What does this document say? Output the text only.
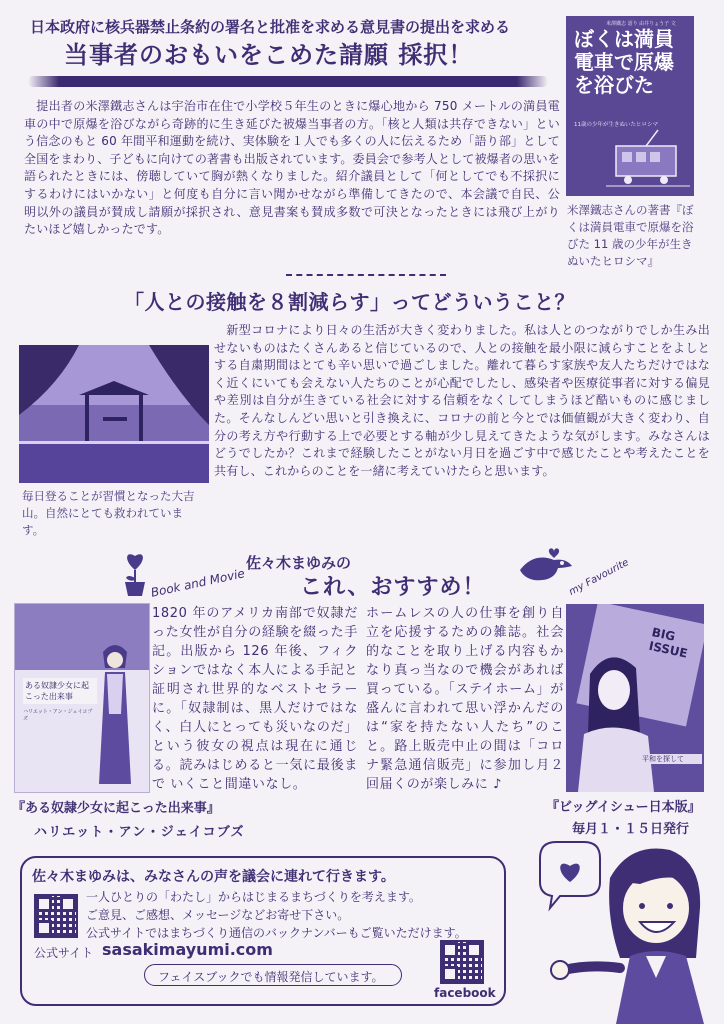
日本政府に核兵器禁止条約の署名と批准を求める意見書の提出を求める
当事者のおもいをこめた請願 採択！

　提出者の米澤鐵志さんは宇治市在住で小学校５年生のときに爆心地から 750 メートルの満員電車の中で原爆を浴びながら奇跡的に生き延びた被爆当事者の方。「核と人類は共存できない」という信念のもと 60 年間平和運動を続け、実体験を１人でも多くの人に伝えるため「語り部」として全国をまわり、子どもに向けての著書も出版されています。委員会で参考人として被爆者の思いを語られたときには、傍聴していて胸が熱くなりました。紹介議員として「何としてでも不採択にするわけにはいかない」と何度も自分に言い聞かせながら準備してきたので、本会議で自民、公明以外の議員が賛成し請願が採択され、意見書案も賛成多数で可決となったときには飛び上がりたいほど嬉しかったです。

米澤鐵志 語り 由井りょう子 文
ぼくは満員電車で原爆を浴びた
11歳の少年が生きぬいたヒロシマ

米澤鐵志さんの著書『ぼくは満員電車で原爆を浴びた 11 歳の少年が生きぬいたヒロシマ』

「人との接触を８割減らす」ってどういうこと？

毎日登ることが習慣となった大吉山。自然にとても救われています。

　新型コロナにより日々の生活が大きく変わりました。私は人とのつながりでしか生み出せないものはたくさんあると信じているので、人との接触を最小限に減らすことをよしとする自粛期間はとても辛い思いで過ごしました。離れて暮らす家族や友人たちだけではなく近くにいても会えない人たちのことが心配でしたし、感染者や医療従事者に対する偏見や差別は自分が生きている社会に対する信頼をなくしてしまうほど酷いものに感じました。そんなしんどい思いと引き換えに、コロナの前と今とでは価値観が大きく変わり、自分の考え方や行動する上で必要とする軸が少し見えてきたような気がします。みなさんはどうでしたか？これまで経験したことがない月日を過ごす中で感じたことや考えたことを共有し、これからのことを一緒に考えていけたらと思います。

Book and Movie
佐々木まゆみの
これ、おすすめ！	my Favourite
ある奴隷少女に起こった出来事
ハリエット・アン・ジェイコブズ

1820 年のアメリカ南部で奴隷だった女性が自分の経験を綴った手記。出版から 126 年後、フィクションではなく本人による手記と証明され世界的なベストセラーに。「奴隷制は、黒人だけではなく、白人にとっても災いなのだ」という彼女の視点は現在に通じる。読みはじめると一気に最後まで いくこと間違いなし。

『ある奴隷少女に起こった出来事』
ハリエット・アン・ジェイコブズ

ホームレスの人の仕事を創り自立を応援するための雑誌。社会的なことを取り上げる内容もかなり真っ当なので機会があれば買っている。「ステイホーム」が盛んに言われて思い浮かんだのは“家を持たない人たち”のこと。路上販売中止の間は「コロナ緊急通信販売」に参加し月２回届くのが楽しみに ♪

BIG ISSUE
平和を探して
『ビッグイシュー日本版』
毎月１・１５日発行
佐々木まゆみは、みなさんの声を議会に連れて行きます。
一人ひとりの「わたし」からはじまるまちづくりを考えます。
ご意見、ご感想、メッセージなどお寄せ下さい。
公式サイトではまちづくり通信のバックナンバーもご覧いただけます。
公式サイト sasakimayumi.com
フェイスブックでも情報発信しています。
facebook
